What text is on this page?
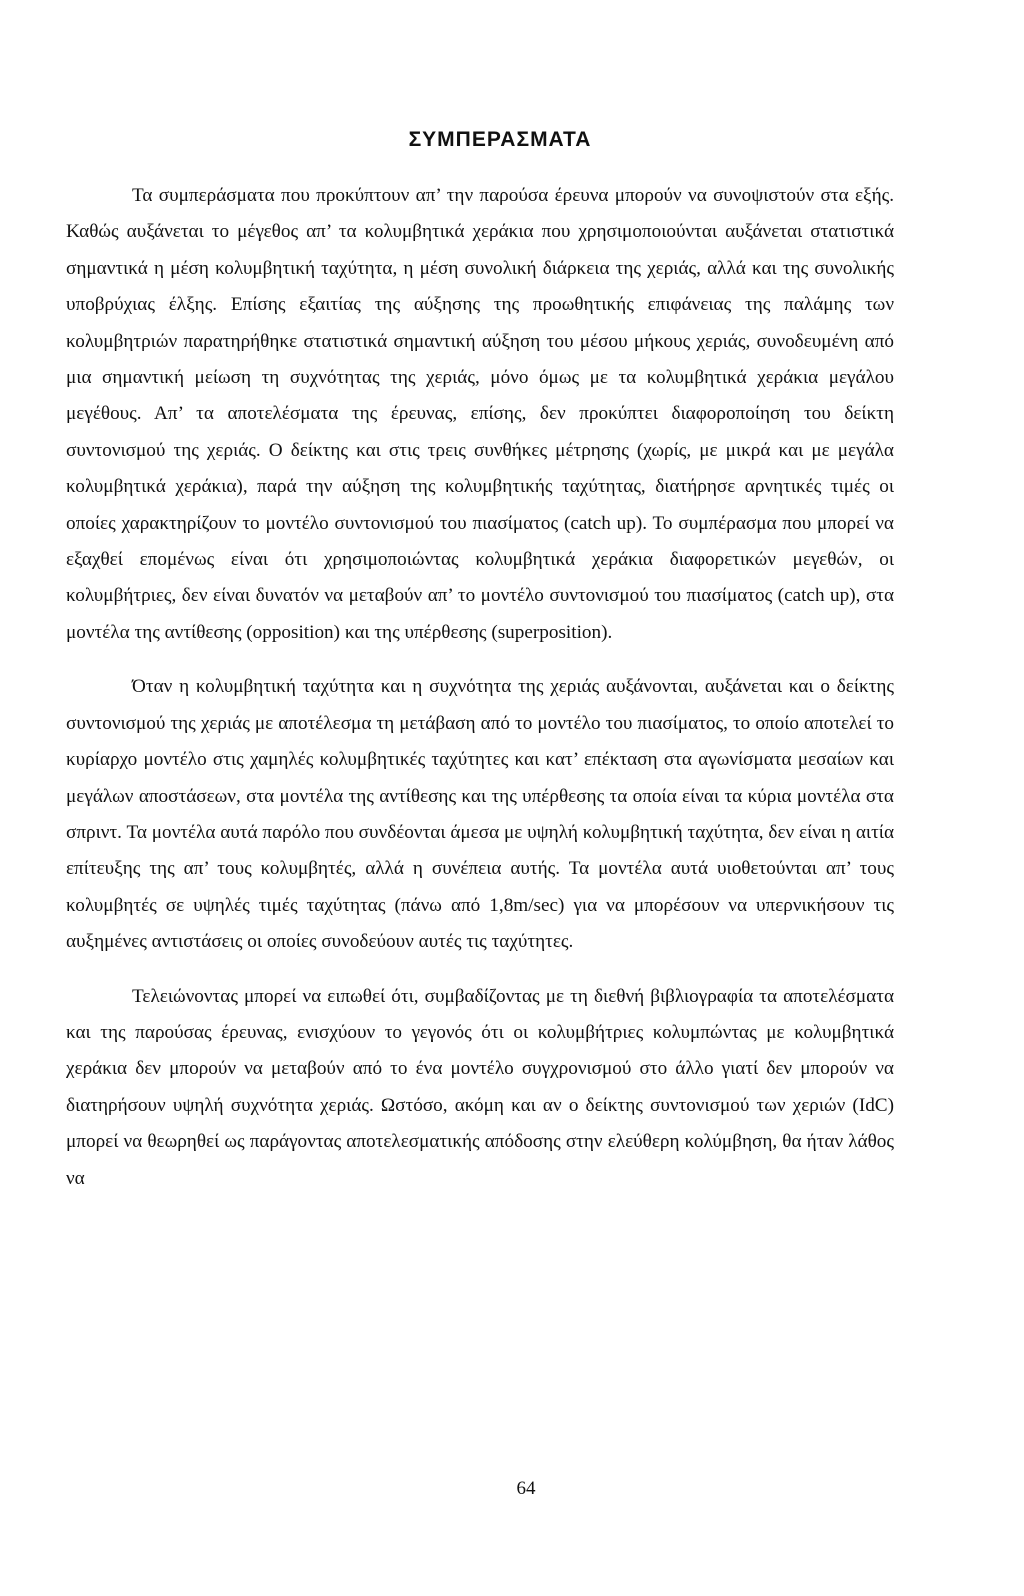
ΣΥΜΠΕΡΑΣΜΑΤΑ

Τα συμπεράσματα που προκύπτουν απ’ την παρούσα έρευνα μπορούν να συνοψιστούν στα εξής. Καθώς αυξάνεται το μέγεθος απ’ τα κολυμβητικά χεράκια που χρησιμοποιούνται αυξάνεται στατιστικά σημαντικά η μέση κολυμβητική ταχύτητα, η μέση συνολική διάρκεια της χεριάς, αλλά και της συνολικής υποβρύχιας έλξης. Επίσης εξαιτίας της αύξησης της προωθητικής επιφάνειας της παλάμης των κολυμβητριών παρατηρήθηκε στατιστικά σημαντική αύξηση του μέσου μήκους χεριάς, συνοδευμένη από μια σημαντική μείωση τη συχνότητας της χεριάς, μόνο όμως με τα κολυμβητικά χεράκια μεγάλου μεγέθους. Απ’ τα αποτελέσματα της έρευνας, επίσης, δεν προκύπτει διαφοροποίηση του δείκτη συντονισμού της χεριάς. Ο δείκτης και στις τρεις συνθήκες μέτρησης (χωρίς, με μικρά και με μεγάλα κολυμβητικά χεράκια), παρά την αύξηση της κολυμβητικής ταχύτητας, διατήρησε αρνητικές τιμές οι οποίες χαρακτηρίζουν το μοντέλο συντονισμού του πιασίματος (catch up). Το συμπέρασμα που μπορεί να εξαχθεί επομένως είναι ότι χρησιμοποιώντας κολυμβητικά χεράκια διαφορετικών μεγεθών, οι κολυμβήτριες, δεν είναι δυνατόν να μεταβούν απ’ το μοντέλο συντονισμού του πιασίματος (catch up), στα μοντέλα της αντίθεσης (opposition) και της υπέρθεσης (superposition).

Όταν η κολυμβητική ταχύτητα και η συχνότητα της χεριάς αυξάνονται, αυξάνεται και ο δείκτης συντονισμού της χεριάς με αποτέλεσμα τη μετάβαση από το μοντέλο του πιασίματος, το οποίο αποτελεί το κυρίαρχο μοντέλο στις χαμηλές κολυμβητικές ταχύτητες και κατ’ επέκταση στα αγωνίσματα μεσαίων και μεγάλων αποστάσεων, στα μοντέλα της αντίθεσης και της υπέρθεσης τα οποία είναι τα κύρια μοντέλα στα σπριντ. Τα μοντέλα αυτά παρόλο που συνδέονται άμεσα με υψηλή κολυμβητική ταχύτητα, δεν είναι η αιτία επίτευξης της απ’ τους κολυμβητές, αλλά η συνέπεια αυτής. Τα μοντέλα αυτά υιοθετούνται απ’ τους κολυμβητές σε υψηλές τιμές ταχύτητας (πάνω από 1,8m/sec) για να μπορέσουν να υπερνικήσουν τις αυξημένες αντιστάσεις οι οποίες συνοδεύουν αυτές τις ταχύτητες.

Τελειώνοντας μπορεί να ειπωθεί ότι, συμβαδίζοντας με τη διεθνή βιβλιογραφία τα αποτελέσματα και της παρούσας έρευνας, ενισχύουν το γεγονός ότι οι κολυμβήτριες κολυμπώντας με κολυμβητικά χεράκια δεν μπορούν να μεταβούν από το ένα μοντέλο συγχρονισμού στο άλλο γιατί δεν μπορούν να διατηρήσουν υψηλή συχνότητα χεριάς. Ωστόσο, ακόμη και αν ο δείκτης συντονισμού των χεριών (IdC) μπορεί να θεωρηθεί ως παράγοντας αποτελεσματικής απόδοσης στην ελεύθερη κολύμβηση, θα ήταν λάθος να

64
